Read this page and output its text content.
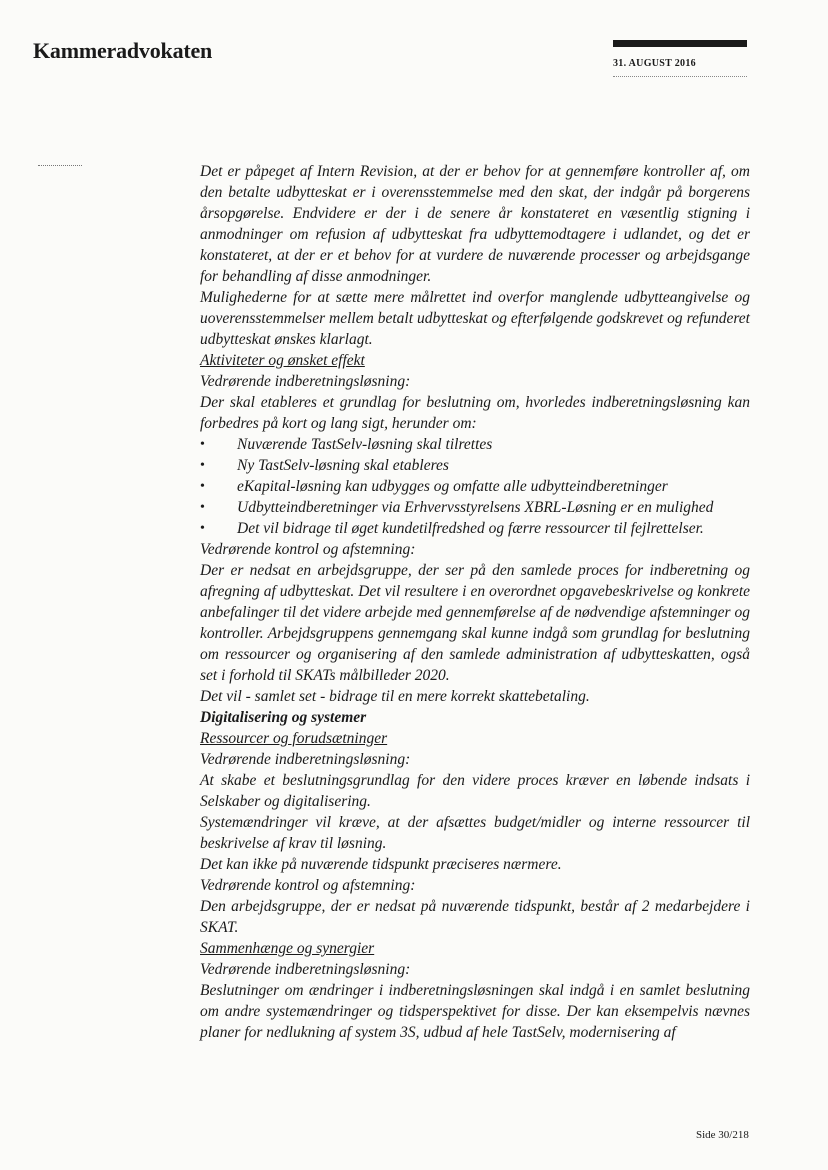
Kammeradvokaten
31. AUGUST 2016

Det er påpeget af Intern Revision, at der er behov for at gennemføre kontroller af, om den betalte udbytteskat er i overensstemmelse med den skat, der indgår på borgerens årsopgørelse. Endvidere er der i de senere år konstateret en væsentlig stigning i anmodninger om refusion af udbytteskat fra udbyttemodtagere i udlandet, og det er konstateret, at der er et behov for at vurdere de nuværende processer og arbejdsgange for behandling af disse anmodninger.

Mulighederne for at sætte mere målrettet ind overfor manglende udbytteangivelse og uoverensstemmelser mellem betalt udbytteskat og efterfølgende godskrevet og refunderet udbytteskat ønskes klarlagt.

Aktiviteter og ønsket effekt

Vedrørende indberetningsløsning:

Der skal etableres et grundlag for beslutning om, hvorledes indberetningsløsning kan forbedres på kort og lang sigt, herunder om:

• Nuværende TastSelv-løsning skal tilrettes
• Ny TastSelv-løsning skal etableres
• eKapital-løsning kan udbygges og omfatte alle udbytteindberetninger
• Udbytteindberetninger via Erhvervsstyrelsens XBRL-Løsning er en mulighed
• Det vil bidrage til øget kundetilfredshed og færre ressourcer til fejlrettelser.

Vedrørende kontrol og afstemning:

Der er nedsat en arbejdsgruppe, der ser på den samlede proces for indberetning og afregning af udbytteskat. Det vil resultere i en overordnet opgavebeskrivelse og konkrete anbefalinger til det videre arbejde med gennemførelse af de nødvendige afstemninger og kontroller. Arbejdsgruppens gennemgang skal kunne indgå som grundlag for beslutning om ressourcer og organisering af den samlede administration af udbytteskatten, også set i forhold til SKATs målbilleder 2020.

Det vil - samlet set - bidrage til en mere korrekt skattebetaling.

Digitalisering og systemer

Ressourcer og forudsætninger

Vedrørende indberetningsløsning:

At skabe et beslutningsgrundlag for den videre proces kræver en løbende indsats i Selskaber og digitalisering.

Systemændringer vil kræve, at der afsættes budget/midler og interne ressourcer til beskrivelse af krav til løsning.

Det kan ikke på nuværende tidspunkt præciseres nærmere.

Vedrørende kontrol og afstemning:

Den arbejdsgruppe, der er nedsat på nuværende tidspunkt, består af 2 medarbejdere i SKAT.

Sammenhænge og synergier

Vedrørende indberetningsløsning:

Beslutninger om ændringer i indberetningsløsningen skal indgå i en samlet beslutning om andre systemændringer og tidsperspektivet for disse. Der kan eksempelvis nævnes planer for nedlukning af system 3S, udbud af hele TastSelv, modernisering af

Side 30/218
